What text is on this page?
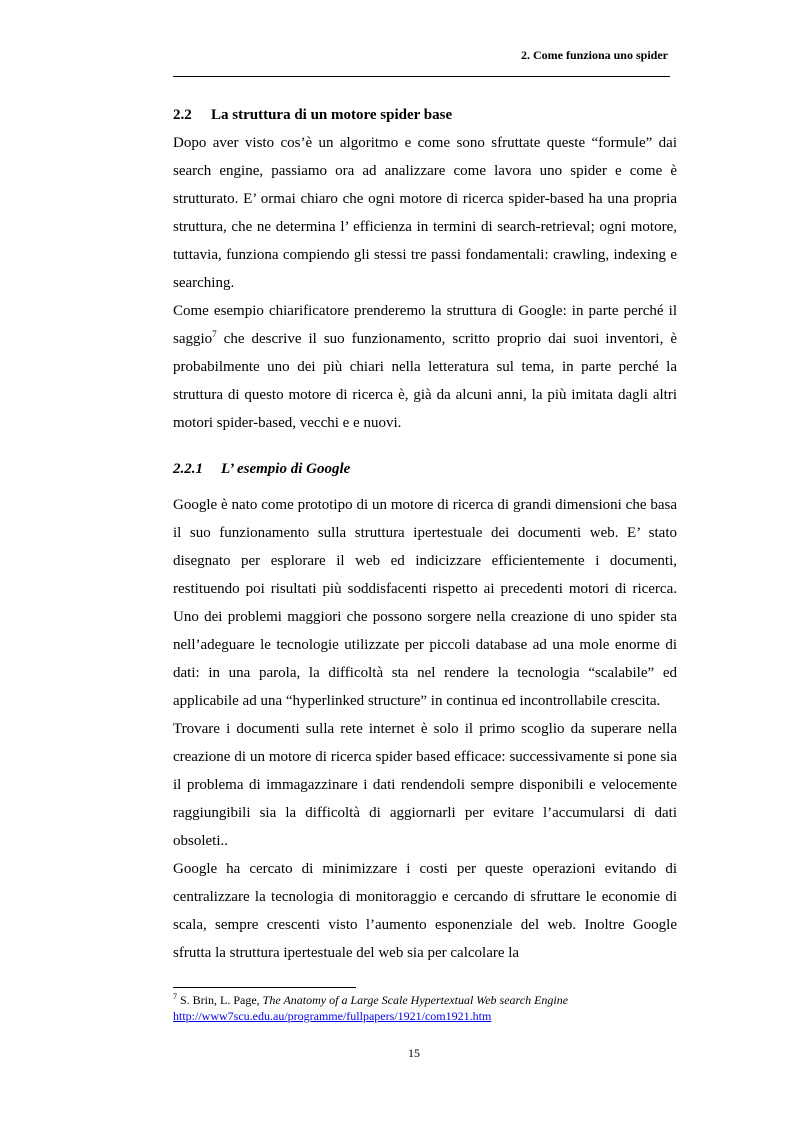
2. Come funziona uno spider
2.2 La struttura di un motore spider base

Dopo aver visto cos’è un algoritmo e come sono sfruttate queste “formule” dai search engine, passiamo ora ad analizzare come lavora uno spider e come è strutturato. E’ ormai chiaro che ogni motore di ricerca spider-based ha una propria struttura, che ne determina l’ efficienza in termini di search-retrieval; ogni motore, tuttavia, funziona compiendo gli stessi tre passi fondamentali: crawling, indexing e searching.

Come esempio chiarificatore prenderemo la struttura di Google: in parte perché il saggio$^7$ che descrive il suo funzionamento, scritto proprio dai suoi inventori, è probabilmente uno dei più chiari nella letteratura sul tema, in parte perché la struttura di questo motore di ricerca è, già da alcuni anni, la più imitata dagli altri motori spider-based, vecchi e e nuovi.

2.2.1 L’ esempio di Google

Google è nato come prototipo di un motore di ricerca di grandi dimensioni che basa il suo funzionamento sulla struttura ipertestuale dei documenti web. E’ stato disegnato per esplorare il web ed indicizzare efficientemente i documenti, restituendo poi risultati più soddisfacenti rispetto ai precedenti motori di ricerca. Uno dei problemi maggiori che possono sorgere nella creazione di uno spider sta nell’adeguare le tecnologie utilizzate per piccoli database ad una mole enorme di dati: in una parola, la difficoltà sta nel rendere la tecnologia “scalabile” ed applicabile ad una “hyperlinked structure” in continua ed incontrollabile crescita.

Trovare i documenti sulla rete internet è solo il primo scoglio da superare nella creazione di un motore di ricerca spider based efficace: successivamente si pone sia il problema di immagazzinare i dati rendendoli sempre disponibili e velocemente raggiungibili sia la difficoltà di aggiornarli per evitare l’accumularsi di dati obsoleti..

Google ha cercato di minimizzare i costi per queste operazioni evitando di centralizzare la tecnologia di monitoraggio e cercando di sfruttare le economie di scala, sempre crescenti visto l’aumento esponenziale del web. Inoltre Google sfrutta la struttura ipertestuale del web sia per calcolare la

$^7$ S. Brin, L. Page, The Anatomy of a Large Scale Hypertextual Web search Engine
http://www7scu.edu.au/programme/fullpapers/1921/com1921.htm
15
